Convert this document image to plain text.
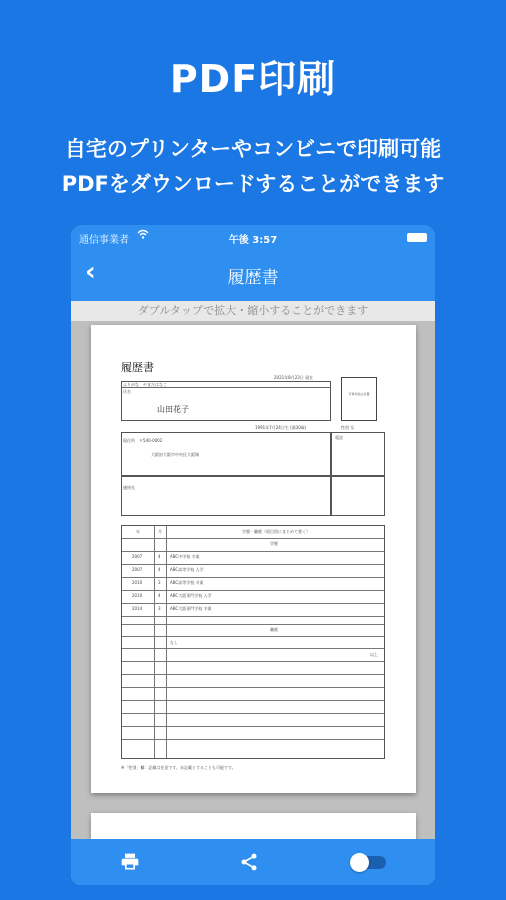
PDF印刷
自宅のプリンターやコンビニで印刷可能
PDFをダウンロードすることができます
通信事業者	午後 3:57
‹	履歴書
ダブルタップで拡大・縮小することができます
履歴書
2021年8月23日 現在
ふりがな やまだはなこ
氏名
山田花子
写真を貼る位置
1991年7月24日生 (満30歳)	性別 女
電話
現住所 〒540-0002
大阪府大阪市中央区大阪城
連絡先
年	月	学歴・職歴（項目別にまとめて書く）
学歴
2007	4 ABC中学校 卒業
2007	4 ABC高等学校 入学
2010	3 ABC高等学校 卒業
2010	4 ABC大阪専門学校 入学
2014	3 ABC大阪専門学校 卒業
職歴
なし
以上
※「性別」欄：記載は任意です。未記載とすることも可能です。
